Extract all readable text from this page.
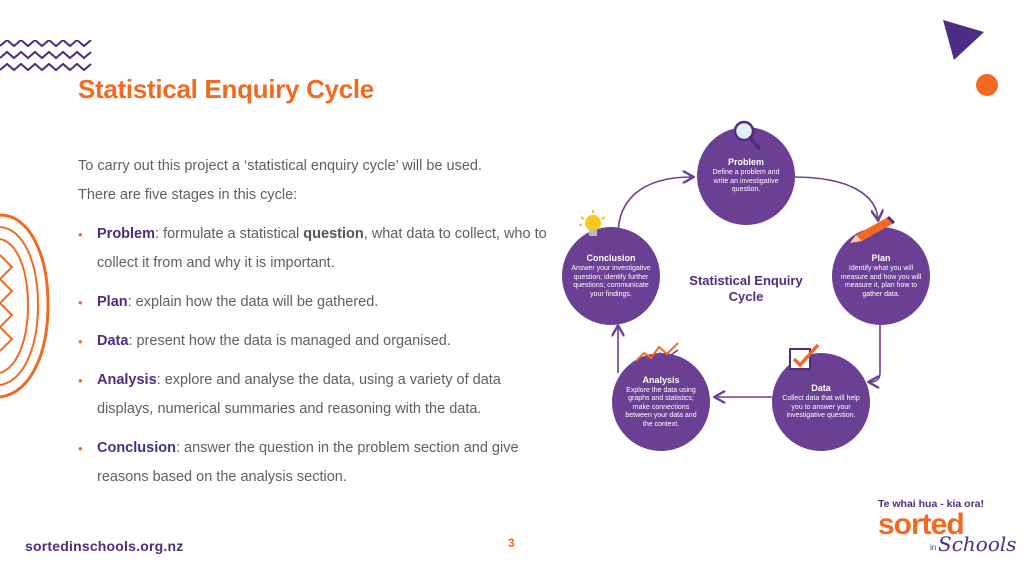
Statistical Enquiry Cycle
To carry out this project a ‘statistical enquiry cycle’ will be used.
There are five stages in this cycle:
• Problem: formulate a statistical question, what data to collect, who to collect it from and why it is important.
• Plan: explain how the data will be gathered.
• Data: present how the data is managed and organised.
• Analysis: explore and analyse the data, using a variety of data displays, numerical summaries and reasoning with the data.
• Conclusion: answer the question in the problem section and give reasons based on the analysis section.
sortedinschools.org.nz	3
Te whai hua - kia ora!
sorted
in Schools
Problem
Define a problem and write an investigative question.
Plan
Identify what you will measure and how you will measure it, plan how to gather data.
Data
Collect data that will help you to answer your investigative question.
Analysis
Explore the data using graphs and statistics; make connections between your data and the context.
Conclusion
Answer your investigative question; identify further questions; communicate your findings.
Statistical Enquiry
Cycle
